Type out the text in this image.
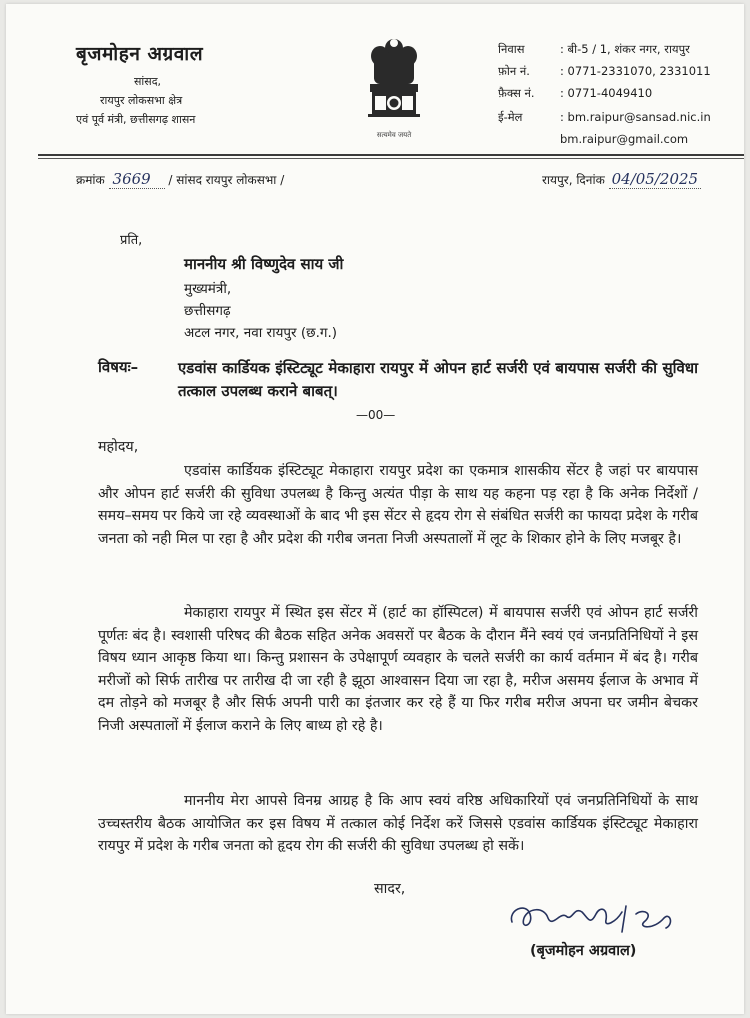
बृजमोहन अग्रवाल
सांसद,
रायपुर लोकसभा क्षेत्र
एवं पूर्व मंत्री, छत्तीसगढ़ शासन
सत्यमेव जयते
निवास	: बी-5 / 1, शंकर नगर, रायपुर
फ़ोन नं.	: 0771-2331070, 2331011
फ़ैक्स नं. : 0771-4049410
ई-मेल	: bm.raipur@sansad.nic.in
bm.raipur@gmail.com
क्रमांक 3669 / सांसद रायपुर लोकसभा /	रायपुर, दिनांक 04/05/2025
प्रति,
माननीय श्री विष्णुदेव साय जी
मुख्यमंत्री,
छत्तीसगढ़
अटल नगर, नवा रायपुर (छ.ग.)
विषयः–	एडवांस कार्डियक इंस्टिट्यूट मेकाहारा रायपुर में ओपन हार्ट सर्जरी एवं बायपास सर्जरी की सुविधा तत्काल उपलब्ध कराने बाबत्।
—00—
महोदय,
एडवांस कार्डियक इंस्टिट्यूट मेकाहारा रायपुर प्रदेश का एकमात्र शासकीय सेंटर है जहां पर बायपास और ओपन हार्ट सर्जरी की सुविधा उपलब्ध है किन्तु अत्यंत पीड़ा के साथ यह कहना पड़ रहा है कि अनेक निर्देशों / समय–समय पर किये जा रहे व्यवस्थाओं के बाद भी इस सेंटर से हृदय रोग से संबंधित सर्जरी का फायदा प्रदेश के गरीब जनता को नही मिल पा रहा है और प्रदेश की गरीब जनता निजी अस्पतालों में लूट के शिकार होने के लिए मजबूर है।
मेकाहारा रायपुर में स्थित इस सेंटर में (हार्ट का हॉस्पिटल) में बायपास सर्जरी एवं ओपन हार्ट सर्जरी पूर्णतः बंद है। स्वशासी परिषद की बैठक सहित अनेक अवसरों पर बैठक के दौरान मैंने स्वयं एवं जनप्रतिनिधियों ने इस विषय ध्यान आकृष्ठ किया था। किन्तु प्रशासन के उपेक्षापूर्ण व्यवहार के चलते सर्जरी का कार्य वर्तमान में बंद है। गरीब मरीजों को सिर्फ तारीख पर तारीख दी जा रही है झूठा आश्वासन दिया जा रहा है, मरीज असमय ईलाज के अभाव में दम तोड़ने को मजबूर है और सिर्फ अपनी पारी का इंतजार कर रहे हैं या फिर गरीब मरीज अपना घर जमीन बेचकर निजी अस्पतालों में ईलाज कराने के लिए बाध्य हो रहे है।
माननीय मेरा आपसे विनम्र आग्रह है कि आप स्वयं वरिष्ठ अधिकारियों एवं जनप्रतिनिधियों के साथ उच्चस्तरीय बैठक आयोजित कर इस विषय में तत्काल कोई निर्देश करें जिससे एडवांस कार्डियक इंस्टिट्यूट मेकाहारा रायपुर में प्रदेश के गरीब जनता को हृदय रोग की सर्जरी की सुविधा उपलब्ध हो सकें।
सादर,
(बृजमोहन अग्रवाल)
